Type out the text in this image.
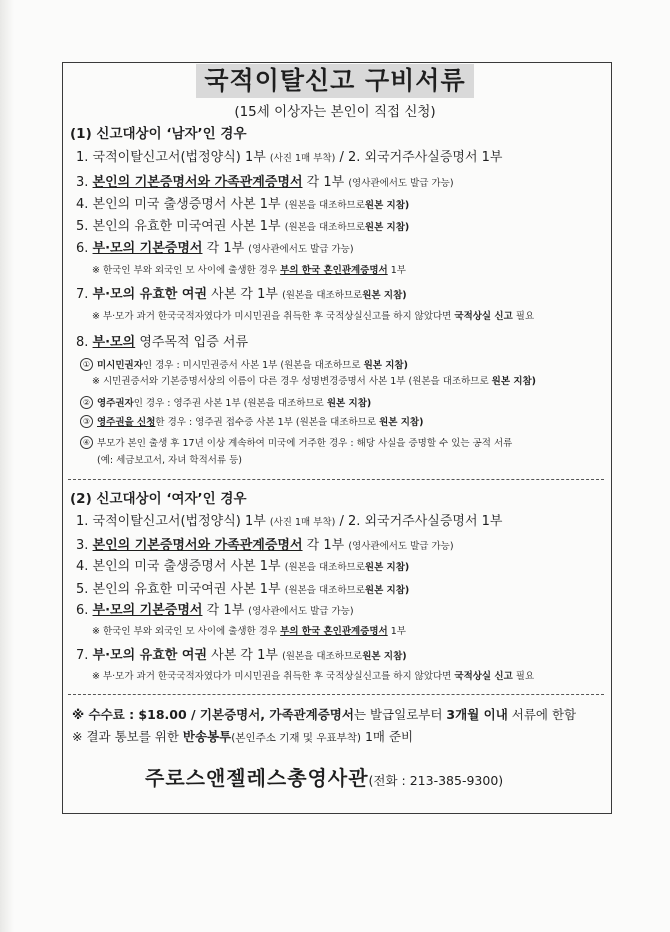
국적이탈신고 구비서류
(15세 이상자는 본인이 직접 신청)
(1) 신고대상이 ‘남자’인 경우
1. 국적이탈신고서(법정양식) 1부 (사진 1매 부착) / 2. 외국거주사실증명서 1부
3. 본인의 기본증명서와 가족관계증명서 각 1부 (영사관에서도 발급 가능)
4. 본인의 미국 출생증명서 사본 1부 (원본을 대조하므로원본 지참)
5. 본인의 유효한 미국여권 사본 1부 (원본을 대조하므로원본 지참)
6. 부·모의 기본증명서 각 1부 (영사관에서도 발급 가능)
※ 한국인 부와 외국인 모 사이에 출생한 경우 부의 한국 혼인관계증명서 1부
7. 부·모의 유효한 여권 사본 각 1부 (원본을 대조하므로원본 지참)
※ 부·모가 과거 한국국적자였다가 미시민권을 취득한 후 국적상실신고를 하지 않았다면 국적상실 신고 필요
8. 부·모의 영주목적 입증 서류
① 미시민권자인 경우 : 미시민권증서 사본 1부 (원본을 대조하므로 원본 지참)
※ 시민권증서와 기본증명서상의 이름이 다른 경우 성명변경증명서 사본 1부 (원본을 대조하므로 원본 지참)
② 영주권자인 경우 : 영주권 사본 1부 (원본을 대조하므로 원본 지참)
③ 영주권을 신청한 경우 : 영주권 접수증 사본 1부 (원본을 대조하므로 원본 지참)
④ 부모가 본인 출생 후 17년 이상 계속하여 미국에 거주한 경우 : 해당 사실을 증명할 수 있는 공적 서류
(예: 세금보고서, 자녀 학적서류 등)
(2) 신고대상이 ‘여자’인 경우
1. 국적이탈신고서(법정양식) 1부 (사진 1매 부착) / 2. 외국거주사실증명서 1부
3. 본인의 기본증명서와 가족관계증명서 각 1부 (영사관에서도 발급 가능)
4. 본인의 미국 출생증명서 사본 1부 (원본을 대조하므로원본 지참)
5. 본인의 유효한 미국여권 사본 1부 (원본을 대조하므로원본 지참)
6. 부·모의 기본증명서 각 1부 (영사관에서도 발급 가능)
※ 한국인 부와 외국인 모 사이에 출생한 경우 부의 한국 혼인관계증명서 1부
7. 부·모의 유효한 여권 사본 각 1부 (원본을 대조하므로원본 지참)
※ 부·모가 과거 한국국적자였다가 미시민권을 취득한 후 국적상실신고를 하지 않았다면 국적상실 신고 필요
※ 수수료 : $18.00 / 기본증명서, 가족관계증명서는 발급일로부터 3개월 이내 서류에 한함
※ 결과 통보를 위한 반송봉투(본인주소 기재 및 우표부착) 1매 준비
주로스앤젤레스총영사관(전화 : 213-385-9300)
